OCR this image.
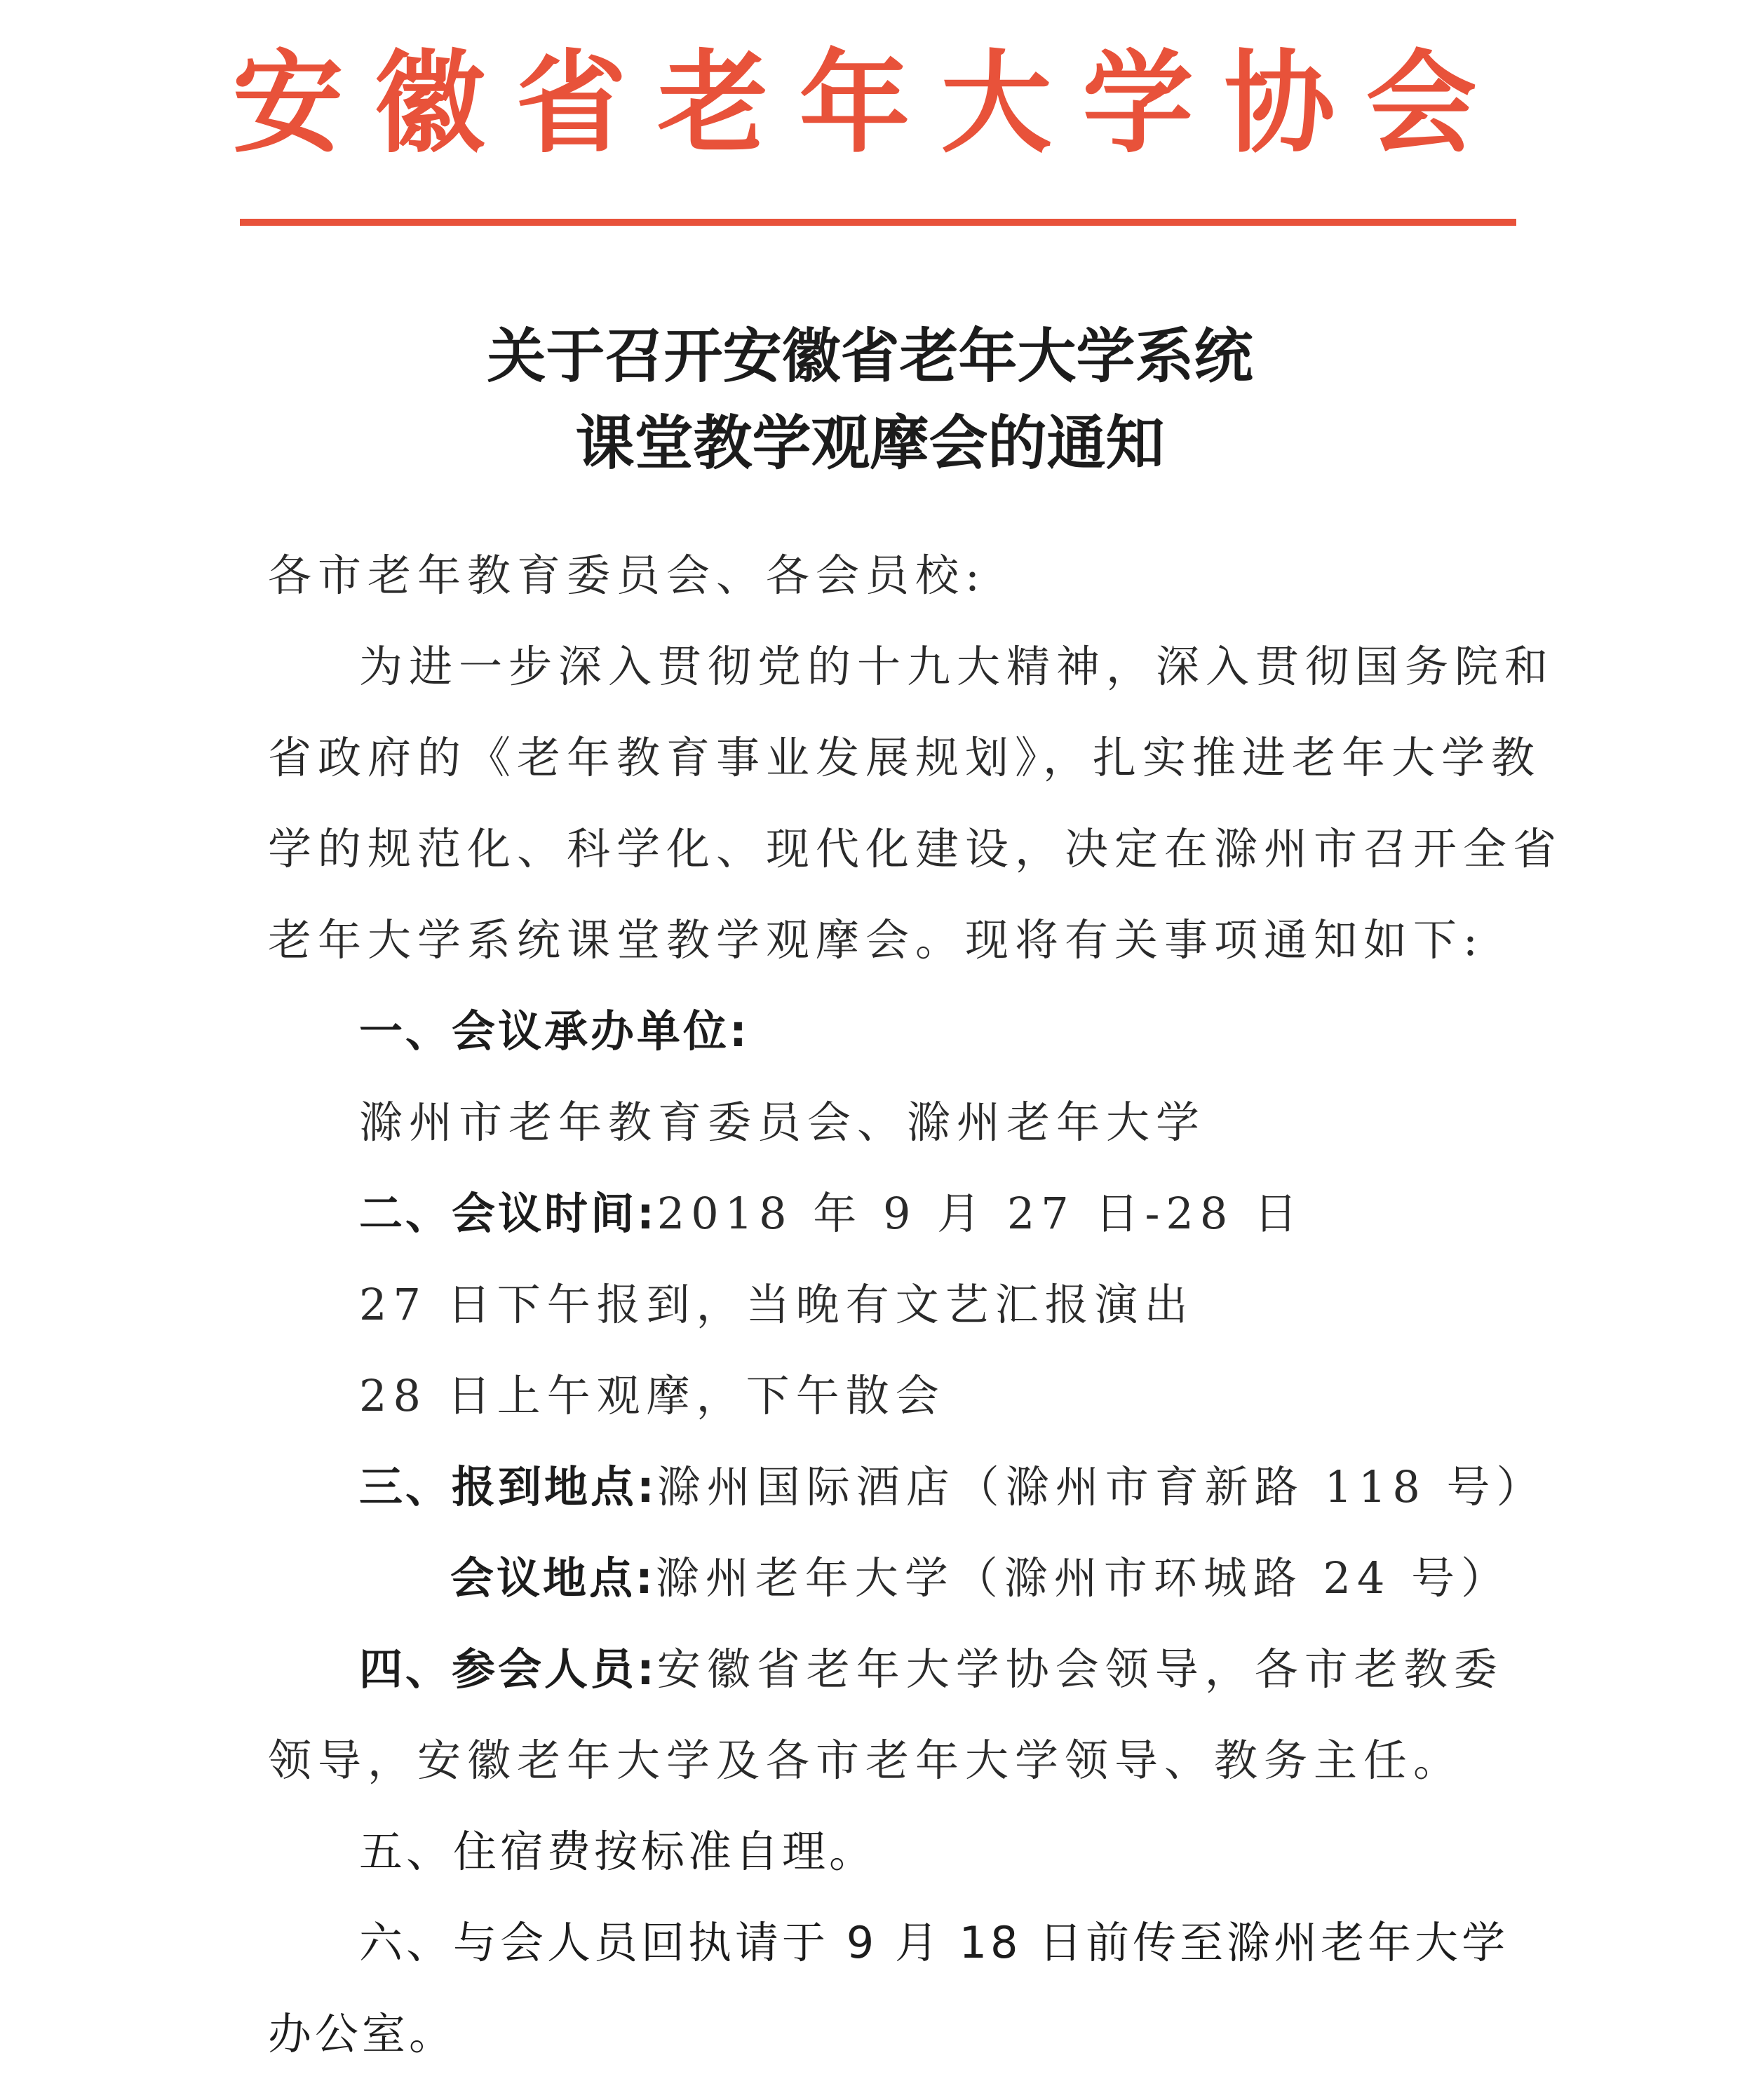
安徽省老年大学协会
关于召开安徽省老年大学系统
课堂教学观摩会的通知
各市老年教育委员会、各会员校:
为进一步深入贯彻党的十九大精神，深入贯彻国务院和
省政府的《老年教育事业发展规划》，扎实推进老年大学教
学的规范化、科学化、现代化建设，决定在滁州市召开全省
老年大学系统课堂教学观摩会。现将有关事项通知如下:
一、会议承办单位:
滁州市老年教育委员会、滁州老年大学
二、会议时间:2018 年 9 月 27 日-28 日
27 日下午报到，当晚有文艺汇报演出
28 日上午观摩，下午散会
三、报到地点:滁州国际酒店（滁州市育新路 118 号）
会议地点:滁州老年大学（滁州市环城路 24 号）
四、参会人员:安徽省老年大学协会领导，各市老教委
领导，安徽老年大学及各市老年大学领导、教务主任。
五、住宿费按标准自理。
六、与会人员回执请于 9 月 18 日前传至滁州老年大学
办公室。
